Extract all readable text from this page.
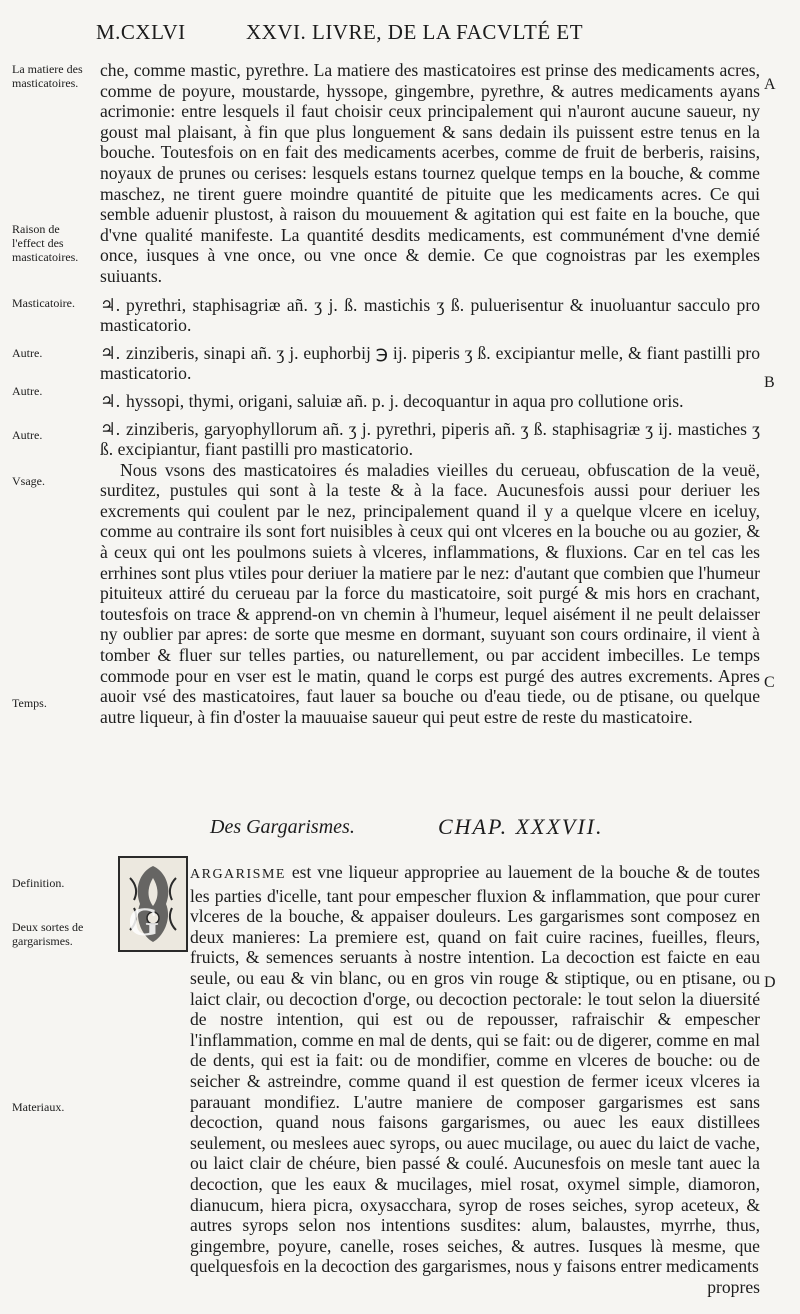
M.CXLVI	XXVI. LIVRE, DE LA FACVLTÉ ET
La matiere des masticatoires.
Raison de l'effect des masticatoires.
Masticatoire.
Autre.
Autre.
Autre.
Vsage.
Temps.
Definition.
Deux sortes de gargarismes.
Materiaux.
A
B
C
D

che, comme mastic, pyrethre. La matiere des masticatoires est prinse des medicaments acres, comme de poyure, moustarde, hyssope, gingembre, pyrethre, & autres medicaments ayans acrimonie: entre lesquels il faut choisir ceux principalement qui n'auront aucune saueur, ny goust mal plaisant, à fin que plus longuement & sans dedain ils puissent estre tenus en la bouche. Toutesfois on en fait des medicaments acerbes, comme de fruit de berberis, raisins, noyaux de prunes ou cerises: lesquels estans tournez quelque temps en la bouche, & comme maschez, ne tirent guere moindre quantité de pituite que les medicaments acres. Ce qui semble aduenir plustost, à raison du mouuement & agitation qui est faite en la bouche, que d'vne qualité manifeste. La quantité desdits medicaments, est communément d'vne demié once, iusques à vne once, ou vne once & demie. Ce que cognoistras par les exemples suiuants.

♃. pyrethri, staphisagriæ añ. ʒ j. ß. mastichis ʒ ß. puluerisentur & inuoluantur sacculo pro masticatorio.

♃. zinziberis, sinapi añ. ʒ j. euphorbij ℈ ij. piperis ʒ ß. excipiantur melle, & fiant pastilli pro masticatorio.

♃. hyssopi, thymi, origani, saluiæ añ. p. j. decoquantur in aqua pro collutione oris.

♃. zinziberis, garyophyllorum añ. ʒ j. pyrethri, piperis añ. ʒ ß. staphisagriæ ʒ ij. mastiches ʒ ß. excipiantur, fiant pastilli pro masticatorio.

Nous vsons des masticatoires és maladies vieilles du cerueau, obfuscation de la veuë, surditez, pustules qui sont à la teste & à la face. Aucunesfois aussi pour deriuer les excrements qui coulent par le nez, principalement quand il y a quelque vlcere en iceluy, comme au contraire ils sont fort nuisibles à ceux qui ont vlceres en la bouche ou au gozier, & à ceux qui ont les poulmons suiets à vlceres, inflammations, & fluxions. Car en tel cas les errhines sont plus vtiles pour deriuer la matiere par le nez: d'autant que combien que l'humeur pituiteux attiré du cerueau par la force du masticatoire, soit purgé & mis hors en crachant, toutesfois on trace & apprend-on vn chemin à l'humeur, lequel aisément il ne peult delaisser ny oublier par apres: de sorte que mesme en dormant, suyuant son cours ordinaire, il vient à tomber & fluer sur telles parties, ou naturellement, ou par accident imbecilles. Le temps commode pour en vser est le matin, quand le corps est purgé des autres excrements. Apres auoir vsé des masticatoires, faut lauer sa bouche ou d'eau tiede, ou de ptisane, ou quelque autre liqueur, à fin d'oster la mauuaise saueur qui peut estre de reste du masticatoire.

Des Gargarismes.	CHAP. XXXVII.
G

ARGARISME est vne liqueur appropriee au lauement de la bouche & de toutes les parties d'icelle, tant pour empescher fluxion & inflammation, que pour curer vlceres de la bouche, & appaiser douleurs. Les gargarismes sont composez en deux manieres: La premiere est, quand on fait cuire racines, fueilles, fleurs, fruicts, & semences seruants à nostre intention. La decoction est faicte en eau seule, ou eau & vin blanc, ou en gros vin rouge & stiptique, ou en ptisane, ou laict clair, ou decoction d'orge, ou decoction pectorale: le tout selon la diuersité de nostre intention, qui est ou de repousser, rafraischir & empescher l'inflammation, comme en mal de dents, qui se fait: ou de digerer, comme en mal de dents, qui est ia fait: ou de mondifier, comme en vlceres de bouche: ou de seicher & astreindre, comme quand il est question de fermer iceux vlceres ia parauant mondifiez. L'autre maniere de composer gargarismes est sans decoction, quand nous faisons gargarismes, ou auec les eaux distillees seulement, ou meslees auec syrops, ou auec mucilage, ou auec du laict de vache, ou laict clair de chéure, bien passé & coulé. Aucunesfois on mesle tant auec la decoction, que les eaux & mucilages, miel rosat, oxymel simple, diamoron, dianucum, hiera picra, oxysacchara, syrop de roses seiches, syrop aceteux, & autres syrops selon nos intentions susdites: alum, balaustes, myrrhe, thus, gingembre, poyure, canelle, roses seiches, & autres. Iusques là mesme, que quelquesfois en la decoction des gargarismes, nous y faisons entrer medicaments

propres
